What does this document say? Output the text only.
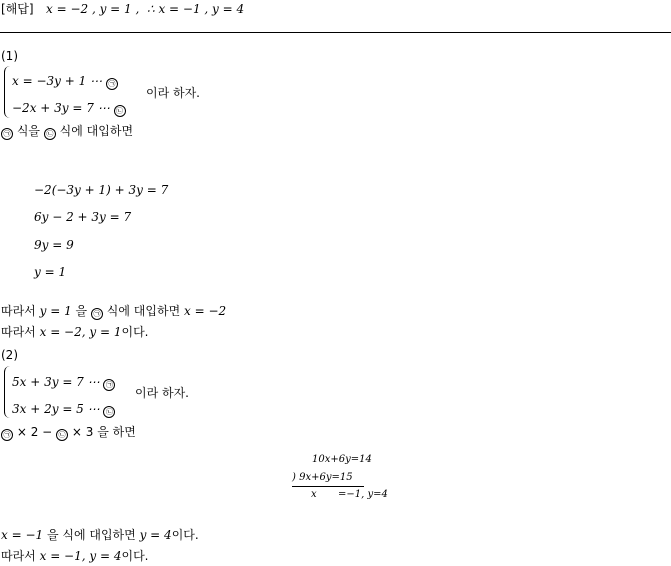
[해답] x = −2 , y = 1 , ∴ x = −1 , y = 4
(1)
x = −3y + 1 ⋯ ㉠
−2x + 3y = 7 ⋯ ㉡
이라 하자.
㉠ 식을 ㉡ 식에 대입하면
−2(−3y + 1) + 3y = 7
6y − 2 + 3y = 7
9y = 9
y = 1
따라서 y = 1 을 ㉠ 식에 대입하면 x = −2
따라서 x = −2, y = 1이다.
(2)
5x + 3y = 7 ⋯ ㉠
3x + 2y = 5 ⋯ ㉡
이라 하자.
㉠ × 2 − ㉡ × 3 을 하면
10x+6y=14
) 9x+6y=15
x =−1, y=4
x = −1 을 식에 대입하면 y = 4이다.
따라서 x = −1, y = 4이다.
